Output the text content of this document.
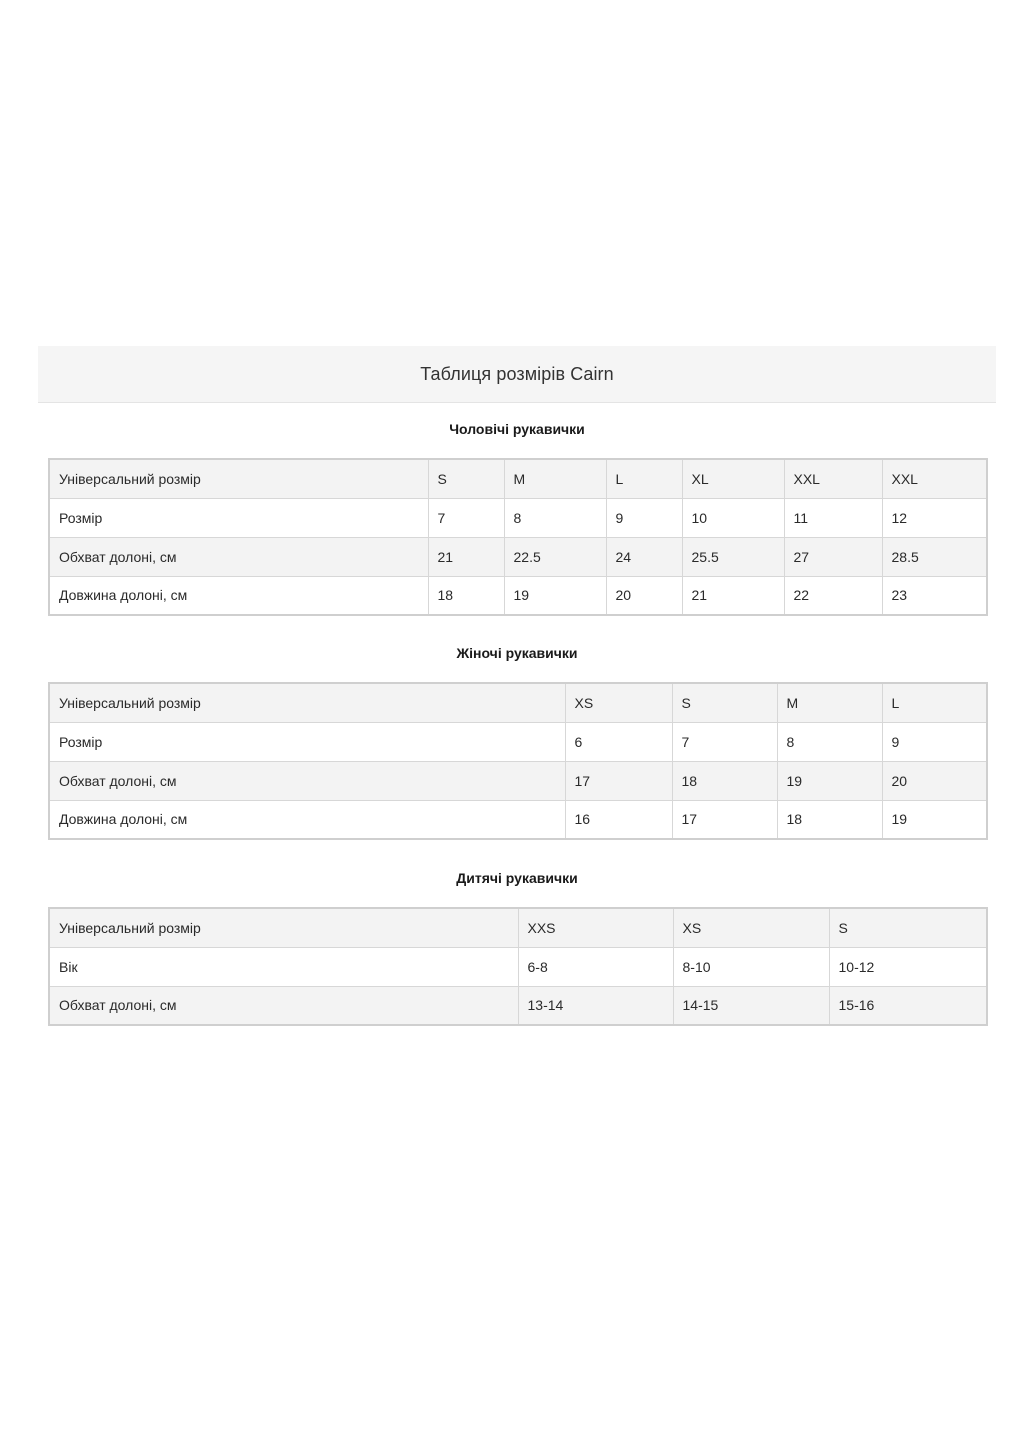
Таблиця розмірів Cairn
Чоловічі рукавички
Універсальний розмір	S	M	L	XL	XXL	XXL
Розмір	7	8	9	10	11	12
Обхват долоні, см	21	22.5	24	25.5	27	28.5
Довжина долоні, см	18	19	20	21	22	23
Жіночі рукавички
Універсальний розмір	XS	S	M	L
Розмір	6	7	8	9
Обхват долоні, см	17	18	19	20
Довжина долоні, см	16	17	18	19
Дитячі рукавички
Універсальний розмір	XXS	XS	S
Вік	6-8	8-10	10-12
Обхват долоні, см	13-14	14-15	15-16
